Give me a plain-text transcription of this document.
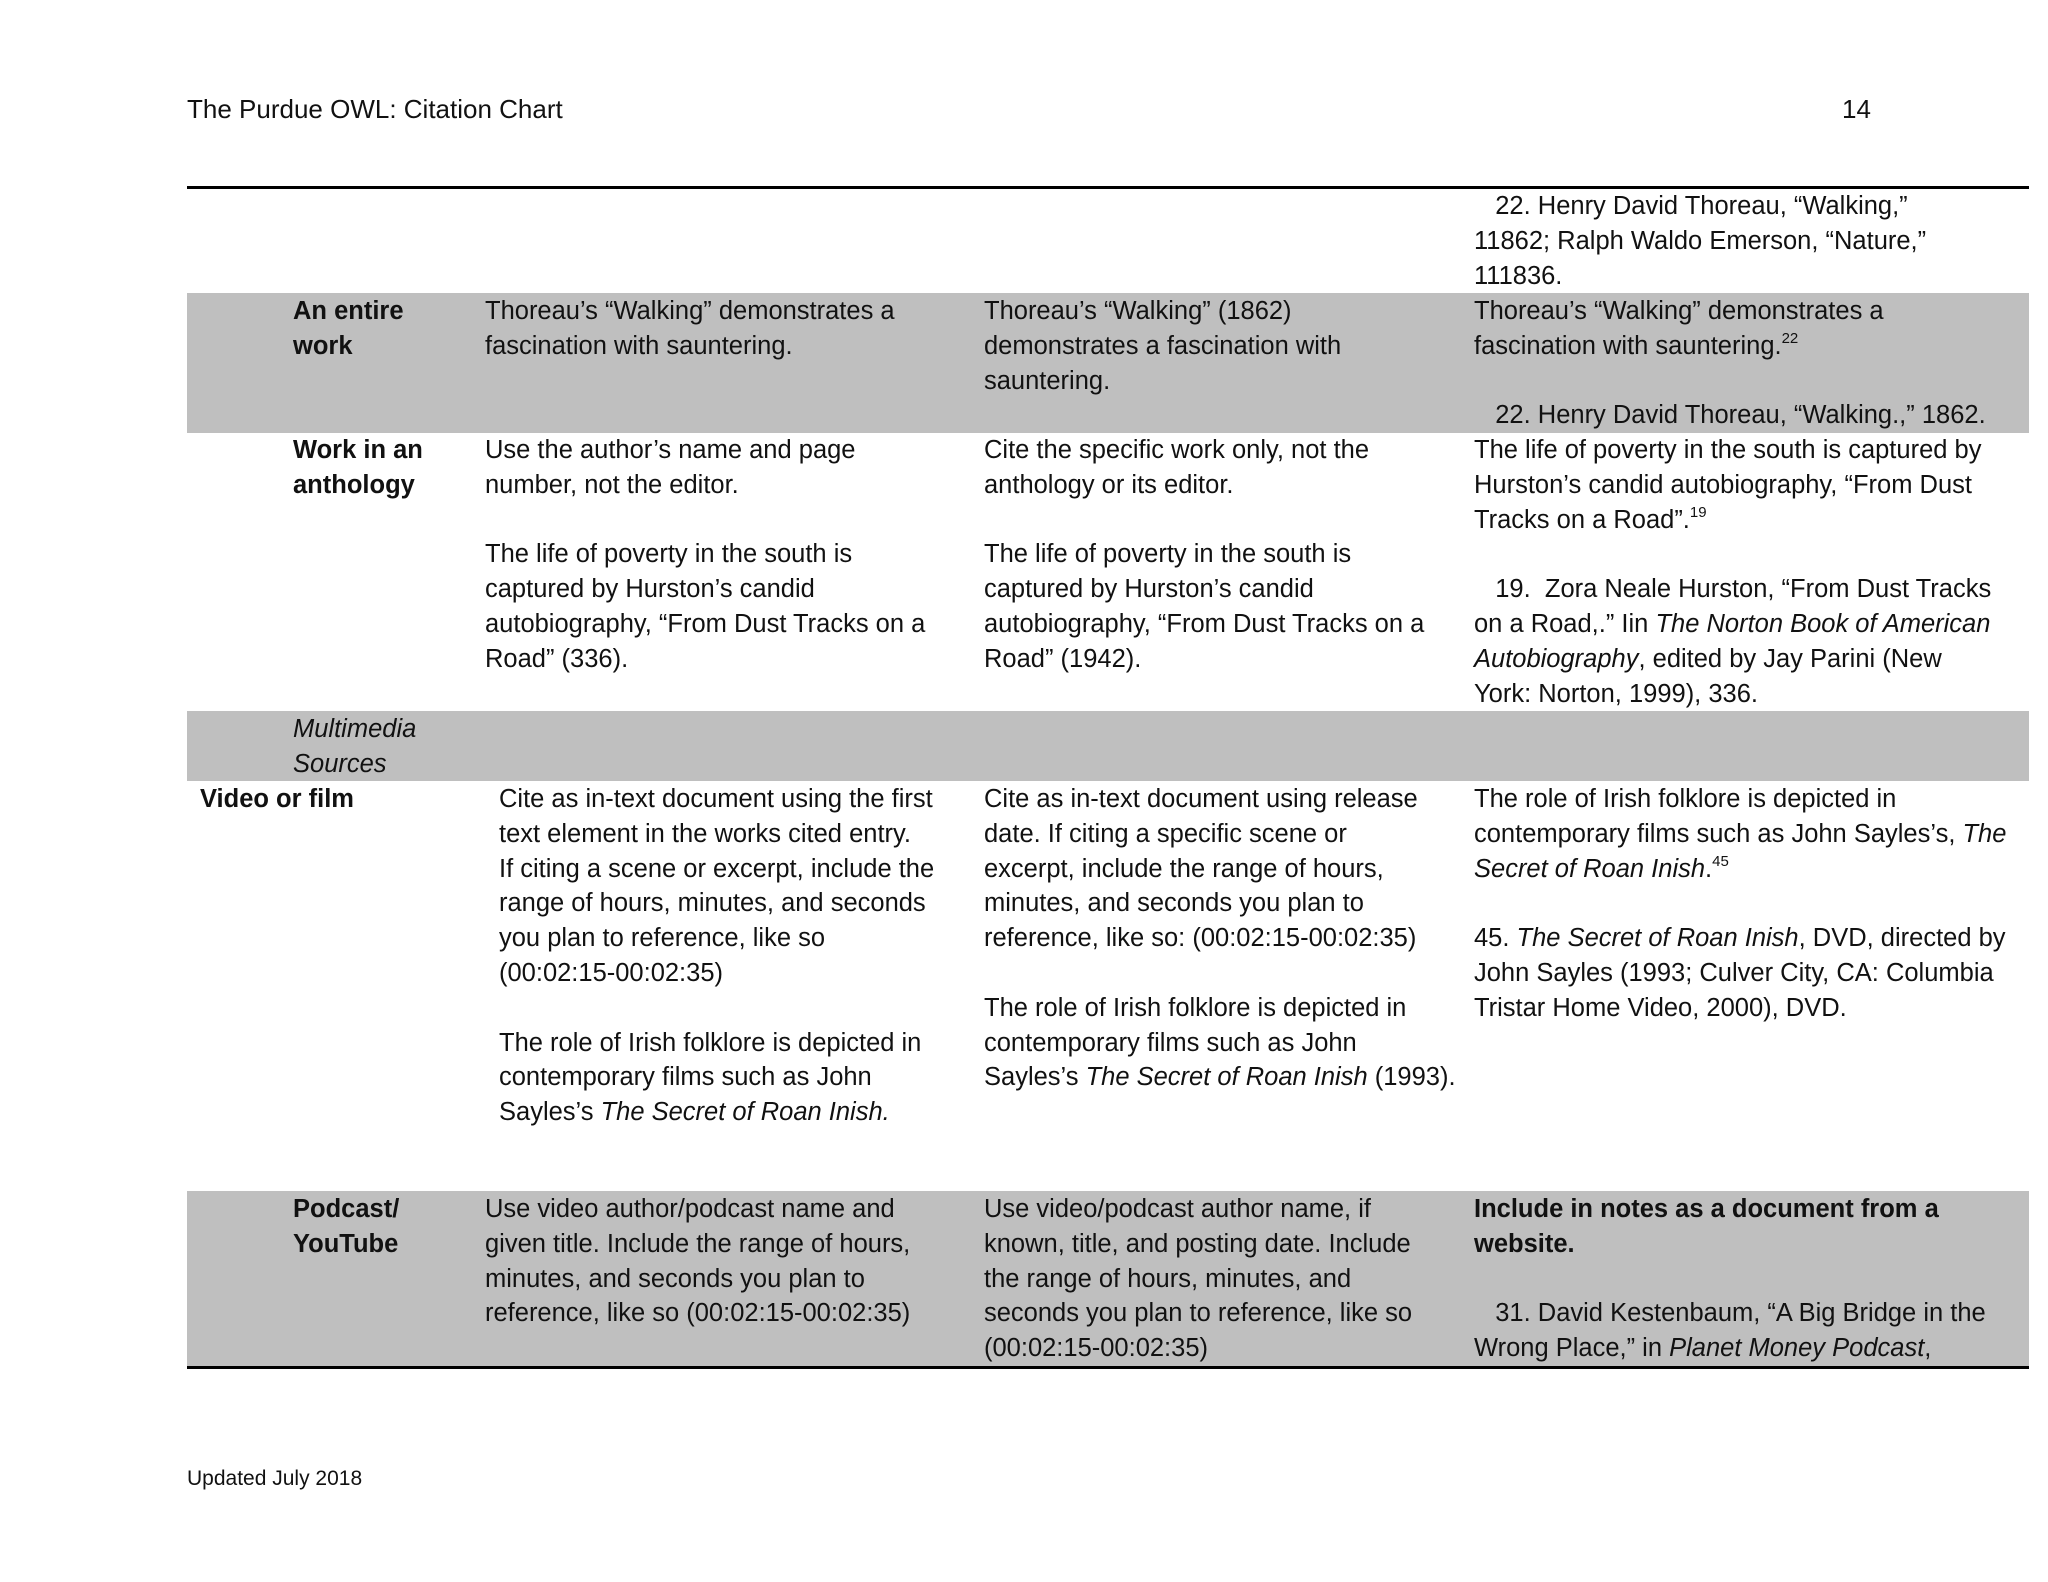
The Purdue OWL: Citation Chart	14
22. Henry David Thoreau, “Walking,”
11862; Ralph Waldo Emerson, “Nature,”
111836.
An entire
work
Thoreau’s “Walking” demonstrates a
fascination with sauntering.
Thoreau’s “Walking” (1862)
demonstrates a fascination with
sauntering.
Thoreau’s “Walking” demonstrates a
fascination with sauntering.$^{22}$
22. Henry David Thoreau, “Walking.,” 1862.
Work in an
anthology
Use the author’s name and page
number, not the editor.
The life of poverty in the south is
captured by Hurston’s candid
autobiography, “From Dust Tracks on a
Road” (336).
Cite the specific work only, not the
anthology or its editor.
The life of poverty in the south is
captured by Hurston’s candid
autobiography, “From Dust Tracks on a
Road” (1942).
The life of poverty in the south is captured by
Hurston’s candid autobiography, “From Dust
Tracks on a Road”.$^{19}$
19.  Zora Neale Hurston, “From Dust Tracks
on a Road,.” Iin The Norton Book of American
Autobiography, edited by Jay Parini (New
York: Norton, 1999), 336.
Multimedia
Sources
Video or film	Cite as in-text document using the first
text element in the works cited entry.
If citing a scene or excerpt, include the
range of hours, minutes, and seconds
you plan to reference, like so
(00:02:15-00:02:35)
The role of Irish folklore is depicted in
contemporary films such as John
Sayles’s The Secret of Roan Inish.
Cite as in-text document using release
date. If citing a specific scene or
excerpt, include the range of hours,
minutes, and seconds you plan to
reference, like so: (00:02:15-00:02:35)
The role of Irish folklore is depicted in
contemporary films such as John
Sayles’s The Secret of Roan Inish (1993).
The role of Irish folklore is depicted in
contemporary films such as John Sayles’s, The
Secret of Roan Inish.$^{45}$
45. The Secret of Roan Inish, DVD, directed by
John Sayles (1993; Culver City, CA: Columbia
Tristar Home Video, 2000), DVD.
Podcast/
YouTube
Use video author/podcast name and
given title. Include the range of hours,
minutes, and seconds you plan to
reference, like so (00:02:15-00:02:35)
Use video/podcast author name, if
known, title, and posting date. Include
the range of hours, minutes, and
seconds you plan to reference, like so
(00:02:15-00:02:35)
Include in notes as a document from a
website.
31. David Kestenbaum, “A Big Bridge in the
Wrong Place,” in Planet Money Podcast,
Updated July 2018
